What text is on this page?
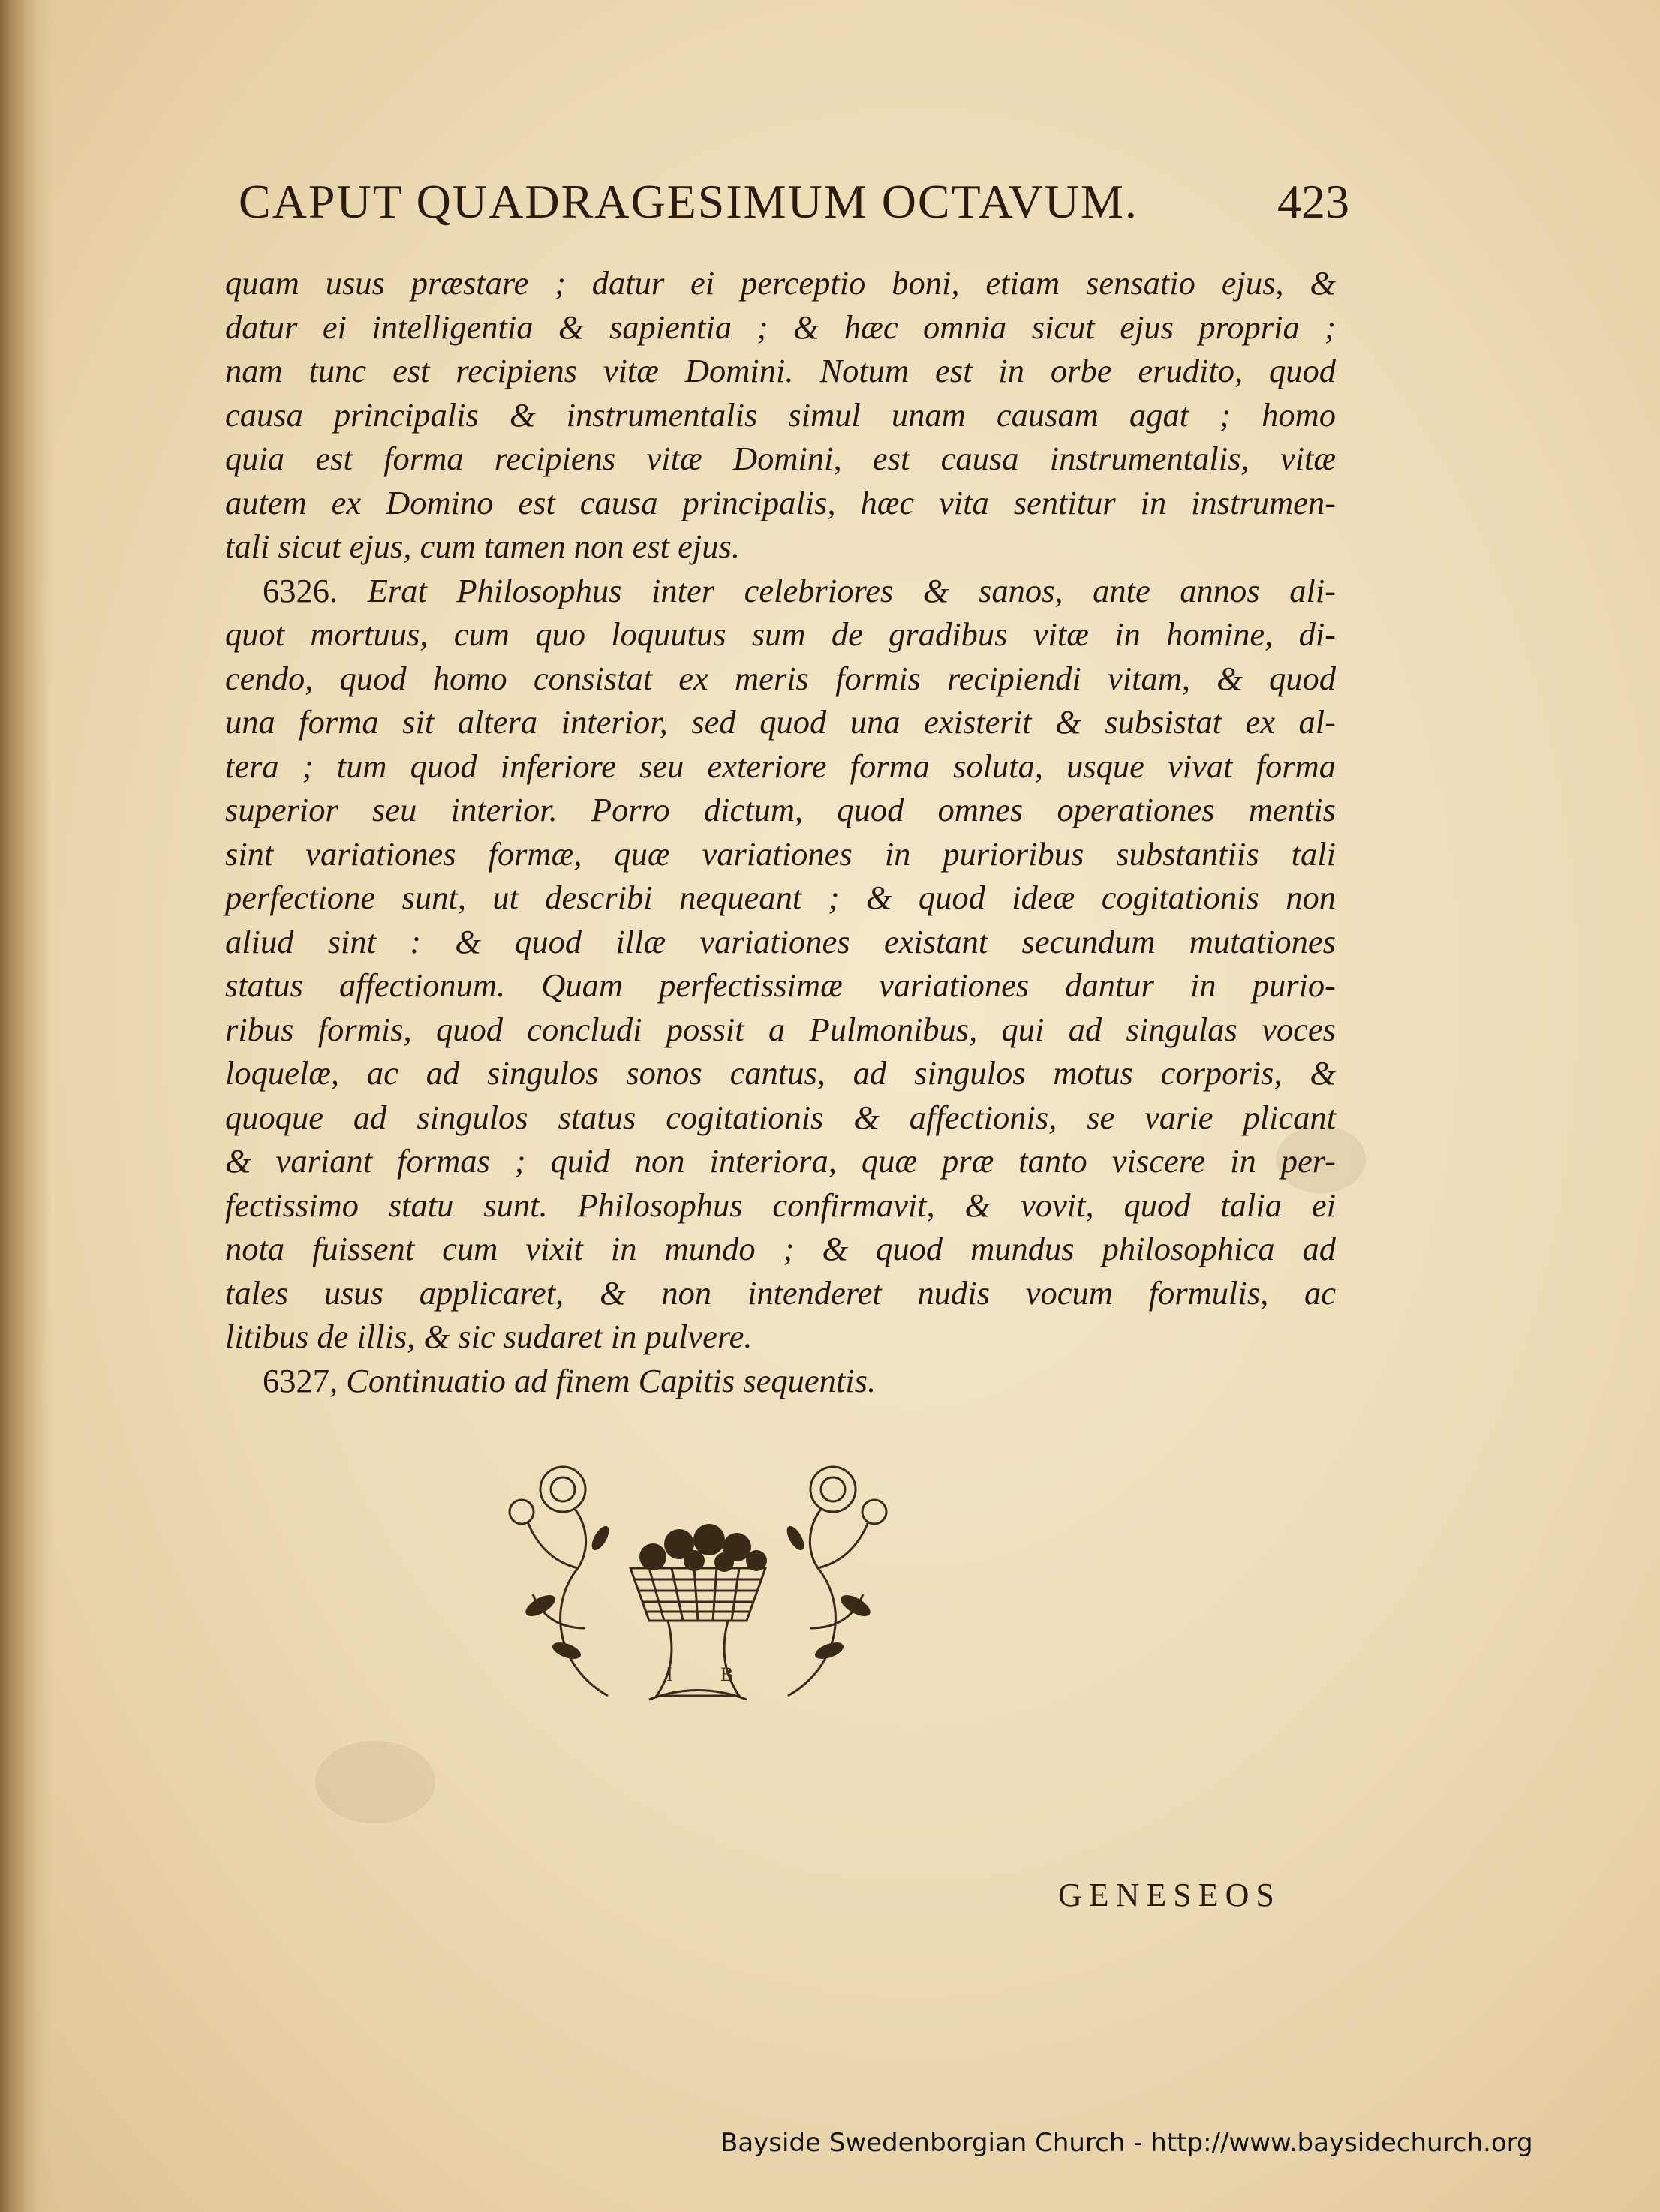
CAPUT QUADRAGESIMUM OCTAVUM.	423
quam usus præstare ; datur ei perceptio boni, etiam sensatio ejus, &
datur ei intelligentia & sapientia ; & hæc omnia sicut ejus propria ;
nam tunc est recipiens vitæ Domini. Notum est in orbe erudito, quod
causa principalis & instrumentalis simul unam causam agat ; homo
quia est forma recipiens vitæ Domini, est causa instrumentalis, vitæ
autem ex Domino est causa principalis, hæc vita sentitur in instrumen-
tali sicut ejus, cum tamen non est ejus.
6326. Erat Philosophus inter celebriores & sanos, ante annos ali-
quot mortuus, cum quo loquutus sum de gradibus vitæ in homine, di-
cendo, quod homo consistat ex meris formis recipiendi vitam, & quod
una forma sit altera interior, sed quod una existerit & subsistat ex al-
tera ; tum quod inferiore seu exteriore forma soluta, usque vivat forma
superior seu interior. Porro dictum, quod omnes operationes mentis
sint variationes formæ, quæ variationes in purioribus substantiis tali
perfectione sunt, ut describi nequeant ; & quod ideæ cogitationis non
aliud sint : & quod illæ variationes existant secundum mutationes
status affectionum. Quam perfectissimæ variationes dantur in purio-
ribus formis, quod concludi possit a Pulmonibus, qui ad singulas voces
loquelæ, ac ad singulos sonos cantus, ad singulos motus corporis, &
quoque ad singulos status cogitationis & affectionis, se varie plicant
& variant formas ; quid non interiora, quæ præ tanto viscere in per-
fectissimo statu sunt. Philosophus confirmavit, & vovit, quod talia ei
nota fuissent cum vixit in mundo ; & quod mundus philosophica ad
tales usus applicaret, & non intenderet nudis vocum formulis, ac
litibus de illis, & sic sudaret in pulvere.
6327, Continuatio ad finem Capitis sequentis.
I B
GENESEOS
Bayside Swedenborgian Church - http://www.baysidechurch.org
